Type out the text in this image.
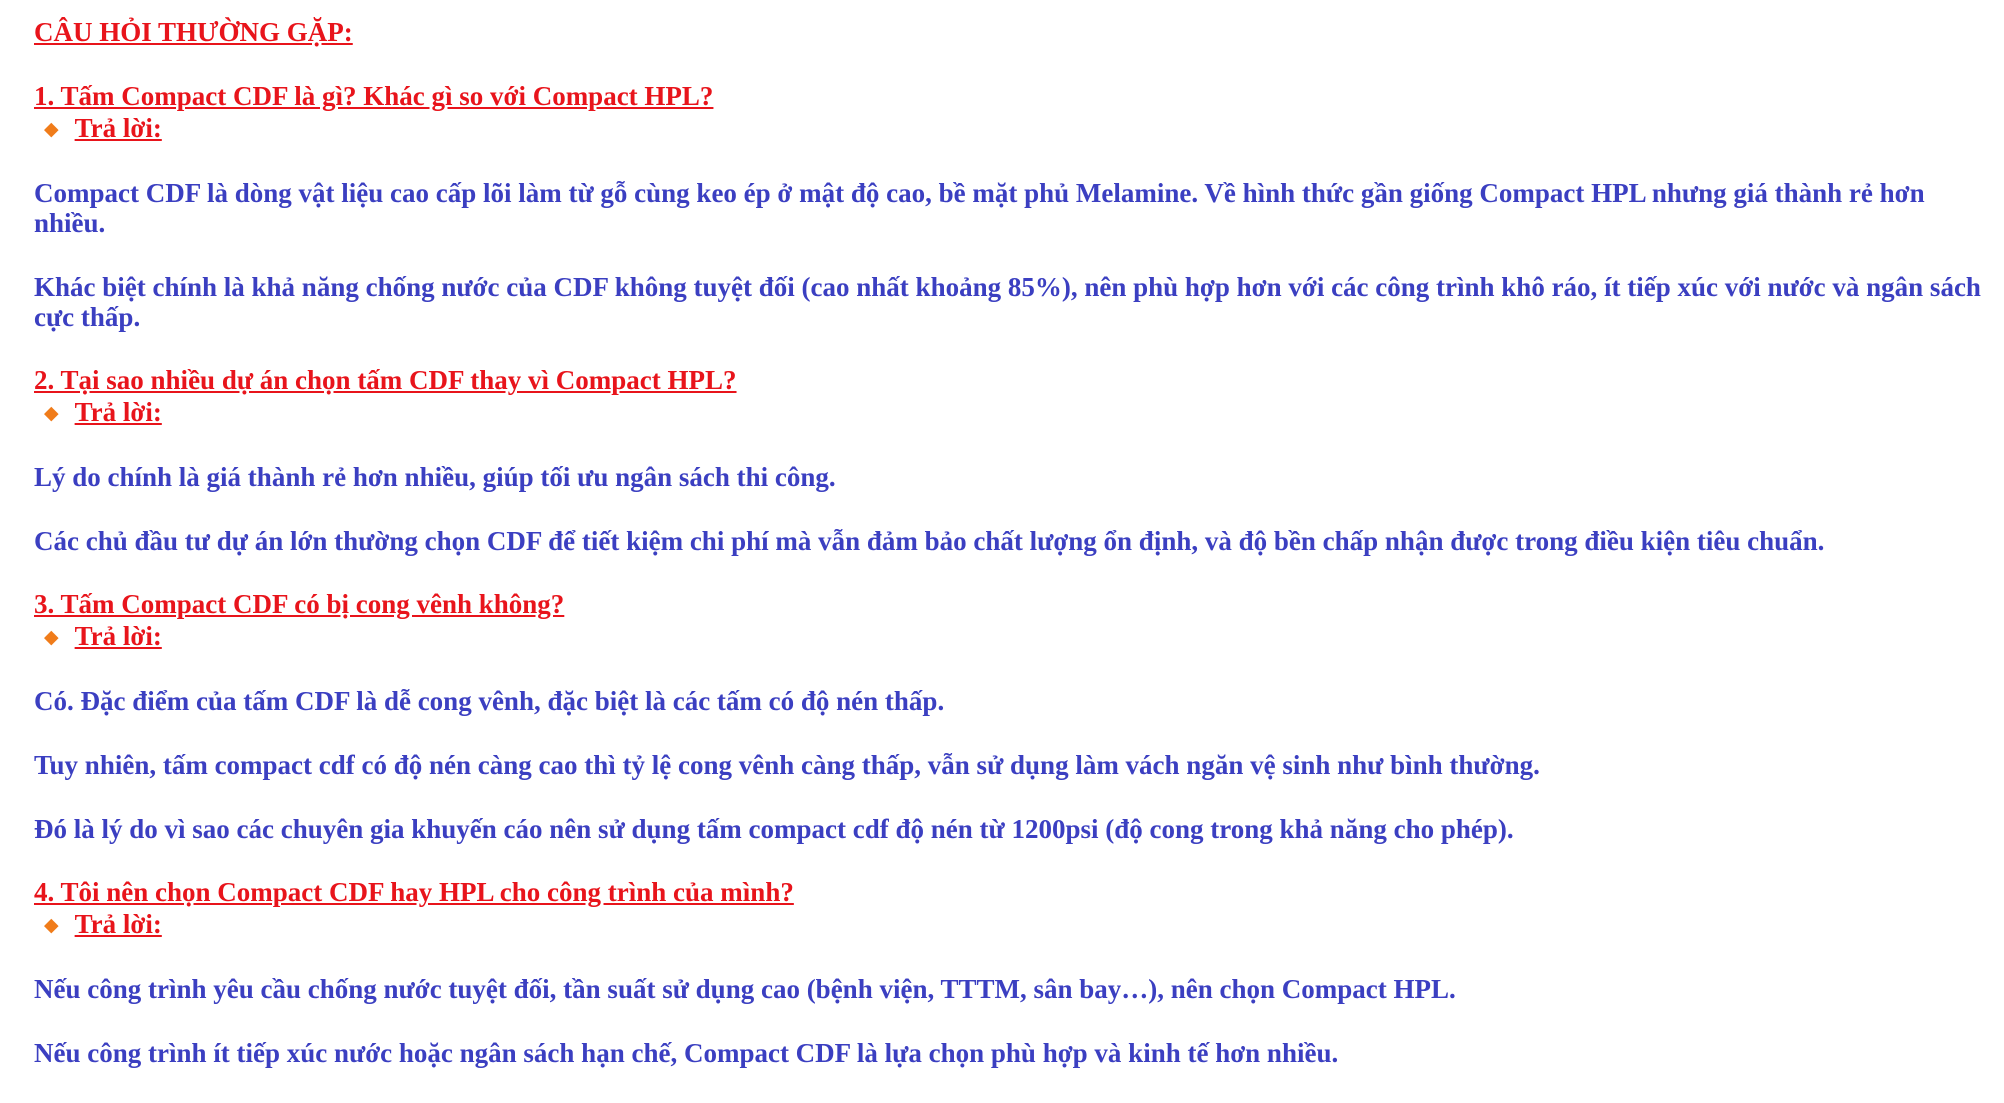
CÂU HỎI THƯỜNG GẶP:
1. Tấm Compact CDF là gì? Khác gì so với Compact HPL?
◆ Trả lời:

Compact CDF là dòng vật liệu cao cấp lõi làm từ gỗ cùng keo ép ở mật độ cao, bề mặt phủ Melamine. Về hình thức gần giống Compact HPL nhưng giá thành rẻ hơn nhiều.

Khác biệt chính là khả năng chống nước của CDF không tuyệt đối (cao nhất khoảng 85%), nên phù hợp hơn với các công trình khô ráo, ít tiếp xúc với nước và ngân sách cực thấp.

2. Tại sao nhiều dự án chọn tấm CDF thay vì Compact HPL?
◆ Trả lời:

Lý do chính là giá thành rẻ hơn nhiều, giúp tối ưu ngân sách thi công.

Các chủ đầu tư dự án lớn thường chọn CDF để tiết kiệm chi phí mà vẫn đảm bảo chất lượng ổn định, và độ bền chấp nhận được trong điều kiện tiêu chuẩn.

3. Tấm Compact CDF có bị cong vênh không?
◆ Trả lời:

Có. Đặc điểm của tấm CDF là dễ cong vênh, đặc biệt là các tấm có độ nén thấp.

Tuy nhiên, tấm compact cdf có độ nén càng cao thì tỷ lệ cong vênh càng thấp, vẫn sử dụng làm vách ngăn vệ sinh như bình thường.

Đó là lý do vì sao các chuyên gia khuyến cáo nên sử dụng tấm compact cdf độ nén từ 1200psi (độ cong trong khả năng cho phép).

4. Tôi nên chọn Compact CDF hay HPL cho công trình của mình?
◆ Trả lời:

Nếu công trình yêu cầu chống nước tuyệt đối, tần suất sử dụng cao (bệnh viện, TTTM, sân bay…), nên chọn Compact HPL.

Nếu công trình ít tiếp xúc nước hoặc ngân sách hạn chế, Compact CDF là lựa chọn phù hợp và kinh tế hơn nhiều.
